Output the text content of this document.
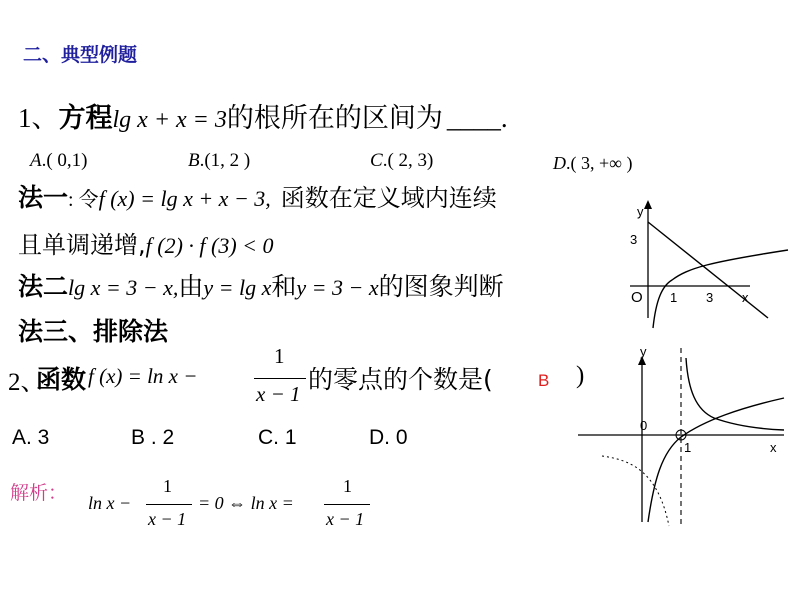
二、典型例题
1、方程lg x + x = 3的根所在的区间为 ____.
A.( 0,1)	B.(1, 2 )	C.( 2, 3)	D.( 3, +∞ )
法一: 令f (x) = lg x + x − 3, 函数在定义域内连续
且单调递增,f (2) · f (3) < 0
法二lg x = 3 − x,由y = lg x和y = 3 − x的图象判断
法三、排除法
2、
函数 f (x) = ln x −
1
x − 1 的零点的个数是(	B )
A. 3	B . 2	C. 1	D. 0
解析： ln x −
1
x − 1
= 0 ⇔ ln x =
1
x − 1
y
3
O 1 3 x
y
0
1	x
